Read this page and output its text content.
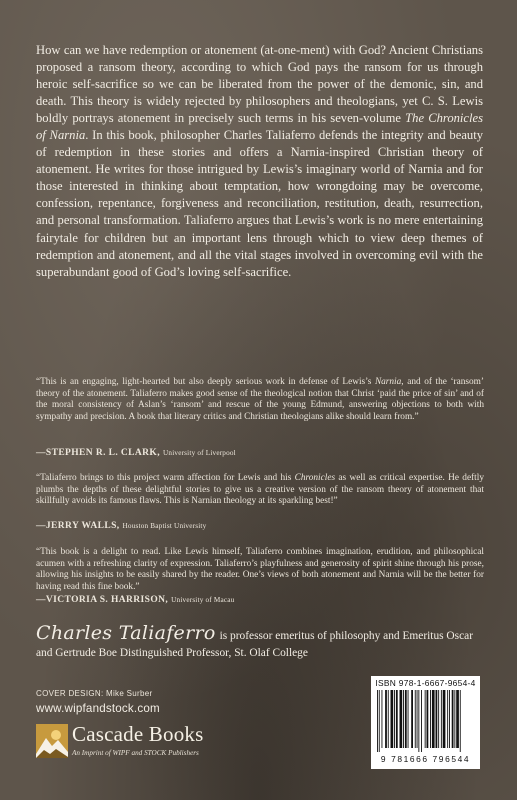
How can we have redemption or atonement (at-one-ment) with God? Ancient Christians proposed a ransom theory, according to which God pays the ransom for us through heroic self-sacrifice so we can be liberated from the power of the demonic, sin, and death. This theory is widely rejected by philosophers and theologians, yet C. S. Lewis boldly portrays atonement in precisely such terms in his seven-volume The Chronicles of Narnia. In this book, philosopher Charles Taliaferro defends the integrity and beauty of redemption in these stories and offers a Narnia-inspired Christian theory of atonement. He writes for those intrigued by Lewis’s imaginary world of Narnia and for those interested in thinking about temptation, how wrongdoing may be overcome, confession, repentance, forgiveness and reconciliation, restitution, death, resurrection, and personal transformation. Taliaferro argues that Lewis’s work is no mere entertaining fairytale for children but an important lens through which to view deep themes of redemption and atonement, and all the vital stages involved in overcoming evil with the superabundant good of God’s loving self-sacrifice.

“This is an engaging, light-hearted but also deeply serious work in defense of Lewis’s Narnia, and of the ‘ransom’ theory of the atonement. Taliaferro makes good sense of the theological notion that Christ ‘paid the price of sin’ and of the moral consistency of Aslan’s ‘ransom’ and rescue of the young Edmund, answering objections to both with sympathy and precision. A book that literary critics and Christian theologians alike should learn from.”

—STEPHEN R. L. CLARK, University of Liverpool

“Taliaferro brings to this project warm affection for Lewis and his Chronicles as well as critical expertise. He deftly plumbs the depths of these delightful stories to give us a creative version of the ransom theory of atonement that skillfully avoids its famous flaws. This is Narnian theology at its sparkling best!”

—JERRY WALLS, Houston Baptist University

“This book is a delight to read. Like Lewis himself, Taliaferro combines imagination, erudition, and philosophical acumen with a refreshing clarity of expression. Taliaferro’s playfulness and generosity of spirit shine through his prose, allowing his insights to be easily shared by the reader. One’s views of both atonement and Narnia will be the better for having read this fine book.”

—VICTORIA S. HARRISON, University of Macau

Charles Taliaferro is professor emeritus of philosophy and Emeritus Oscar and Gertrude Boe Distinguished Professor, St. Olaf College

COVER DESIGN: Mike Surber
www.wipfandstock.com
Cascade Books
An Imprint of WIPF and STOCK Publishers
ISBN 978-1-6667-9654-4
9 781666 796544
